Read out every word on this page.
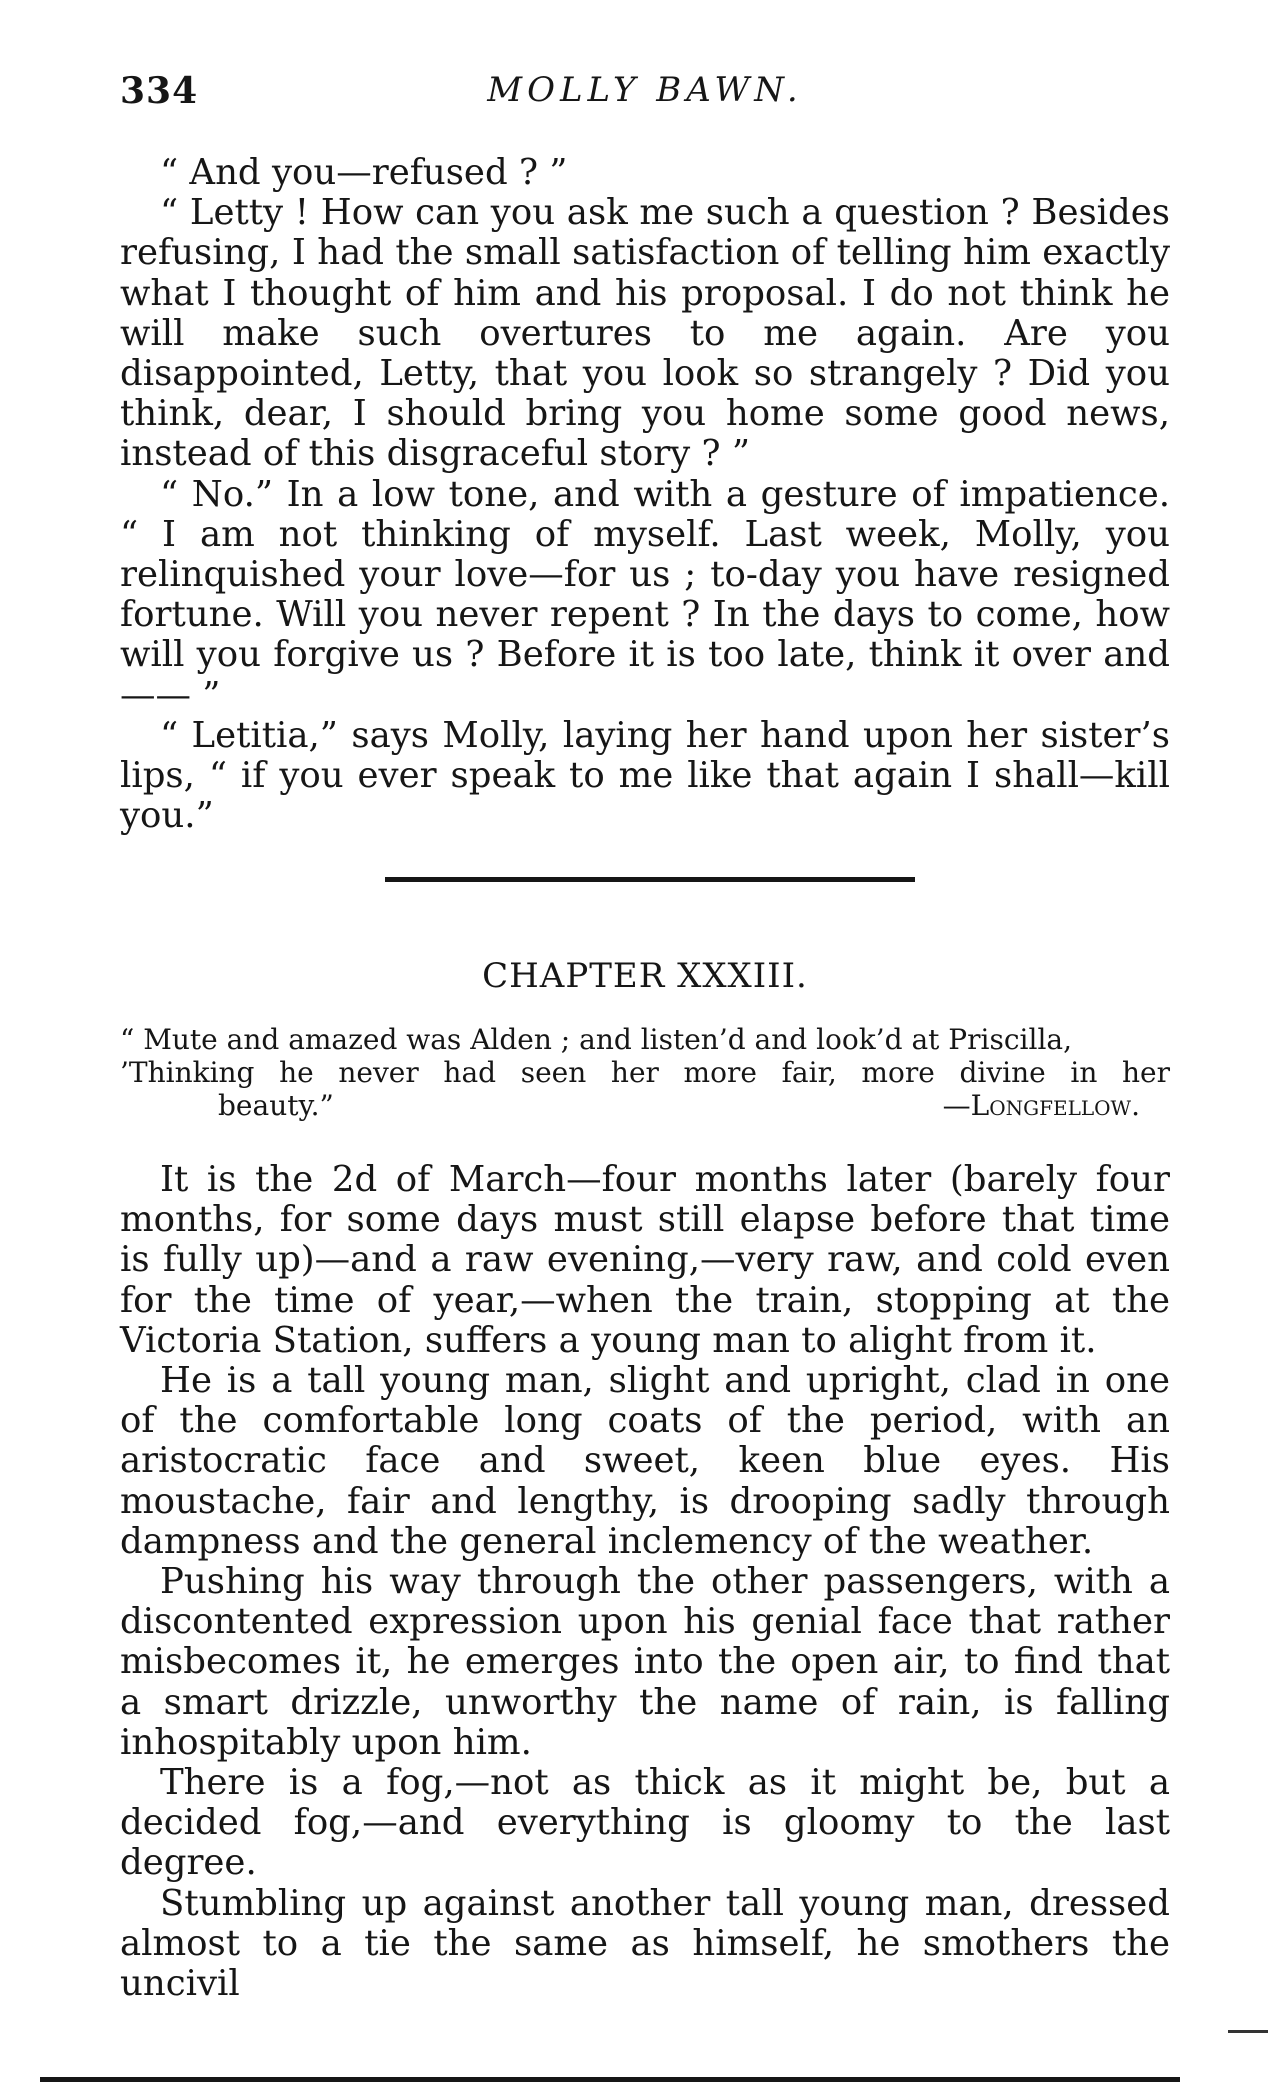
334	MOLLY BAWN.

“ And you—refused ? ”

“ Letty ! How can you ask me such a question ? Besides refusing, I had the small satisfaction of telling him exactly what I thought of him and his proposal. I do not think he will make such overtures to me again. Are you disappointed, Letty, that you look so strangely ? Did you think, dear, I should bring you home some good news, instead of this disgraceful story ? ”

“ No.” In a low tone, and with a gesture of impatience. “ I am not thinking of myself. Last week, Molly, you relinquished your love—for us ; to-day you have resigned fortune. Will you never repent ? In the days to come, how will you forgive us ? Before it is too late, think it over and—— ”

“ Letitia,” says Molly, laying her hand upon her sister’s lips, “ if you ever speak to me like that again I shall—kill you.”

CHAPTER XXXIII.
“ Mute and amazed was Alden ; and listen’d and look’d at Priscilla,
’Thinking he never had seen her more fair, more divine in her
beauty.”	—Longfellow.

It is the 2d of March—four months later (barely four months, for some days must still elapse before that time is fully up)—and a raw evening,—very raw, and cold even for the time of year,—when the train, stopping at the Victoria Station, suffers a young man to alight from it.

He is a tall young man, slight and upright, clad in one of the comfortable long coats of the period, with an aristocratic face and sweet, keen blue eyes. His moustache, fair and lengthy, is drooping sadly through dampness and the general inclemency of the weather.

Pushing his way through the other passengers, with a discontented expression upon his genial face that rather misbecomes it, he emerges into the open air, to find that a smart drizzle, unworthy the name of rain, is falling inhospitably upon him.

There is a fog,—not as thick as it might be, but a decided fog,—and everything is gloomy to the last degree.

Stumbling up against another tall young man, dressed almost to a tie the same as himself, he smothers the uncivil
